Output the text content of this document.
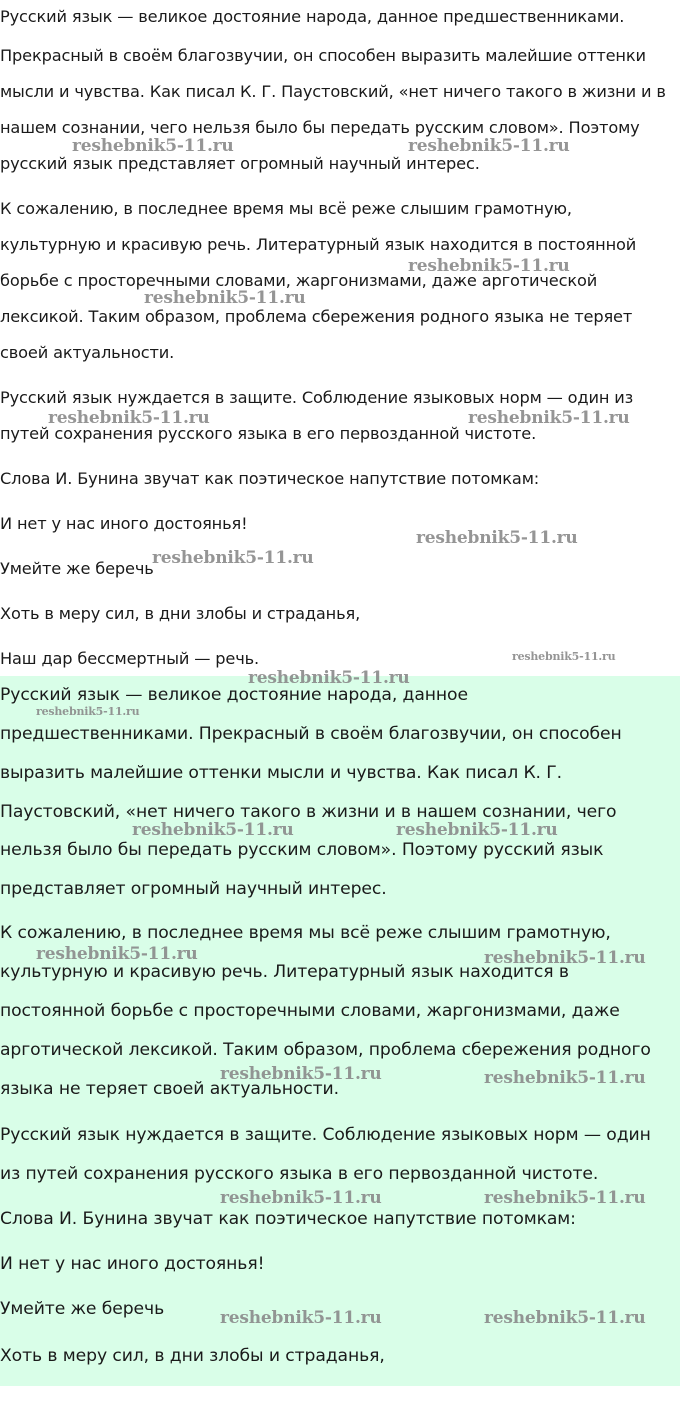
Русский язык — великое достояние народа, данное предшественниками.
Прекрасный в своём благозвучии, он способен выразить малейшие оттенки
мысли и чувства. Как писал К. Г. Паустовский, «нет ничего такого в жизни и в
нашем сознании, чего нельзя было бы передать русским словом». Поэтому
русский язык представляет огромный научный интерес.
К сожалению, в последнее время мы всё реже слышим грамотную,
культурную и красивую речь. Литературный язык находится в постоянной
борьбе с просторечными словами, жаргонизмами, даже арготической
лексикой. Таким образом, проблема сбережения родного языка не теряет
своей актуальности.
Русский язык нуждается в защите. Соблюдение языковых норм — один из
путей сохранения русского языка в его первозданной чистоте.
Слова И. Бунина звучат как поэтическое напутствие потомкам:
И нет у нас иного достоянья!
Умейте же беречь
Хоть в меру сил, в дни злобы и страданья,
Наш дар бессмертный — речь.
Русский язык — великое достояние народа, данное
предшественниками. Прекрасный в своём благозвучии, он способен
выразить малейшие оттенки мысли и чувства. Как писал К. Г.
Паустовский, «нет ничего такого в жизни и в нашем сознании, чего
нельзя было бы передать русским словом». Поэтому русский язык
представляет огромный научный интерес.
К сожалению, в последнее время мы всё реже слышим грамотную,
культурную и красивую речь. Литературный язык находится в
постоянной борьбе с просторечными словами, жаргонизмами, даже
арготической лексикой. Таким образом, проблема сбережения родного
языка не теряет своей актуальности.
Русский язык нуждается в защите. Соблюдение языковых норм — один
из путей сохранения русского языка в его первозданной чистоте.
Слова И. Бунина звучат как поэтическое напутствие потомкам:
И нет у нас иного достоянья!
Умейте же беречь
Хоть в меру сил, в дни злобы и страданья,
reshebnik5-11.ru	reshebnik5-11.ru
reshebnik5-11.ru
reshebnik5-11.ru
reshebnik5-11.ru	reshebnik5-11.ru
reshebnik5-11.ru
reshebnik5-11.ru
reshebnik5-11.ru
reshebnik5-11.ru
reshebnik5-11.ru
reshebnik5-11.ru	reshebnik5-11.ru
reshebnik5-11.ru	reshebnik5-11.ru
reshebnik5-11.ru	reshebnik5-11.ru
reshebnik5-11.ru	reshebnik5-11.ru
reshebnik5-11.ru	reshebnik5-11.ru
